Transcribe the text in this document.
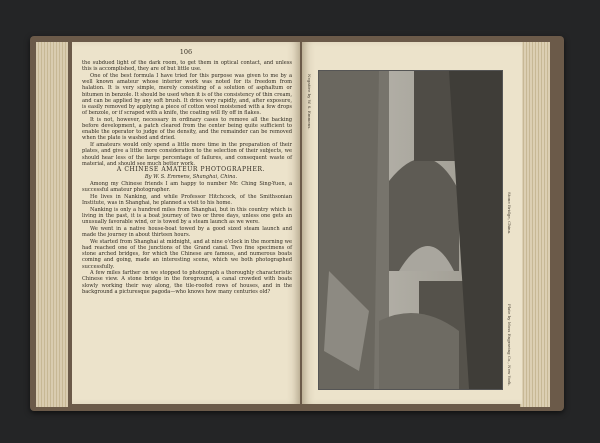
106

the subdued light of the dark room, to get them in optical contact, and unless this is accomplished, they are of but little use.

One of the best formula I have tried for this purpose was given to me by a well known amateur whose interior work was noted for its freedom from halation. It is very simple, merely consisting of a solution of asphaltum or bitumen in benzole. It should be used when it is of the consistency of thin cream, and can be applied by any soft brush. It dries very rapidly, and, after exposure, is easily removed by applying a piece of cotton wool moistened with a few drops of benzole, or if scraped with a knife, the coating will fly off in flakes.

It is not, however, necessary in ordinary cases to remove all the backing before development, a patch cleared from the center being quite sufficient to enable the operator to judge of the density, and the remainder can be removed when the plate is washed and dried.

If amateurs would only spend a little more time in the preparation of their plates, and give a little more consideration to the selection of their subjects, we should hear less of the large percentage of failures, and consequent waste of material, and should see much better work.

A CHINESE AMATEUR PHOTOGRAPHER.

By W. S. Emmens, Shanghai, China.

Among my Chinese friends I am happy to number Mr. Ching Sing-Yuen, a successful amateur photographer.

He lives in Nanking, and while Professor Hitchcock, of the Smithsonian Institute, was in Shanghai, he planned a visit to his home.

Nanking is only a hundred miles from Shanghai, but in this country which is living in the past, it is a boat journey of two or three days, unless one gets an unusually favorable wind, or is towed by a steam launch as we were.

We went in a native house-boat towed by a good sized steam launch and made the journey in about thirteen hours.

We started from Shanghai at midnight, and at nine o'clock in the morning we had reached one of the junctions of the Grand canal. Two fine specimens of stone arched bridges, for which the Chinese are famous, and numerous boats coming and going, made an interesting scene, which we both photographed successfully.

A few miles farther on we stopped to photograph a thoroughly characteristic Chinese view. A stone bridge in the foreground, a canal crowded with boats slowly working their way along, the tile-roofed rows of houses, and in the background a picturesque pagoda—who knows how many centuries old?

Negative by W. S. Emmens.
Stone Bridge, China.
Plate by Moss Engraving Co., New York.
